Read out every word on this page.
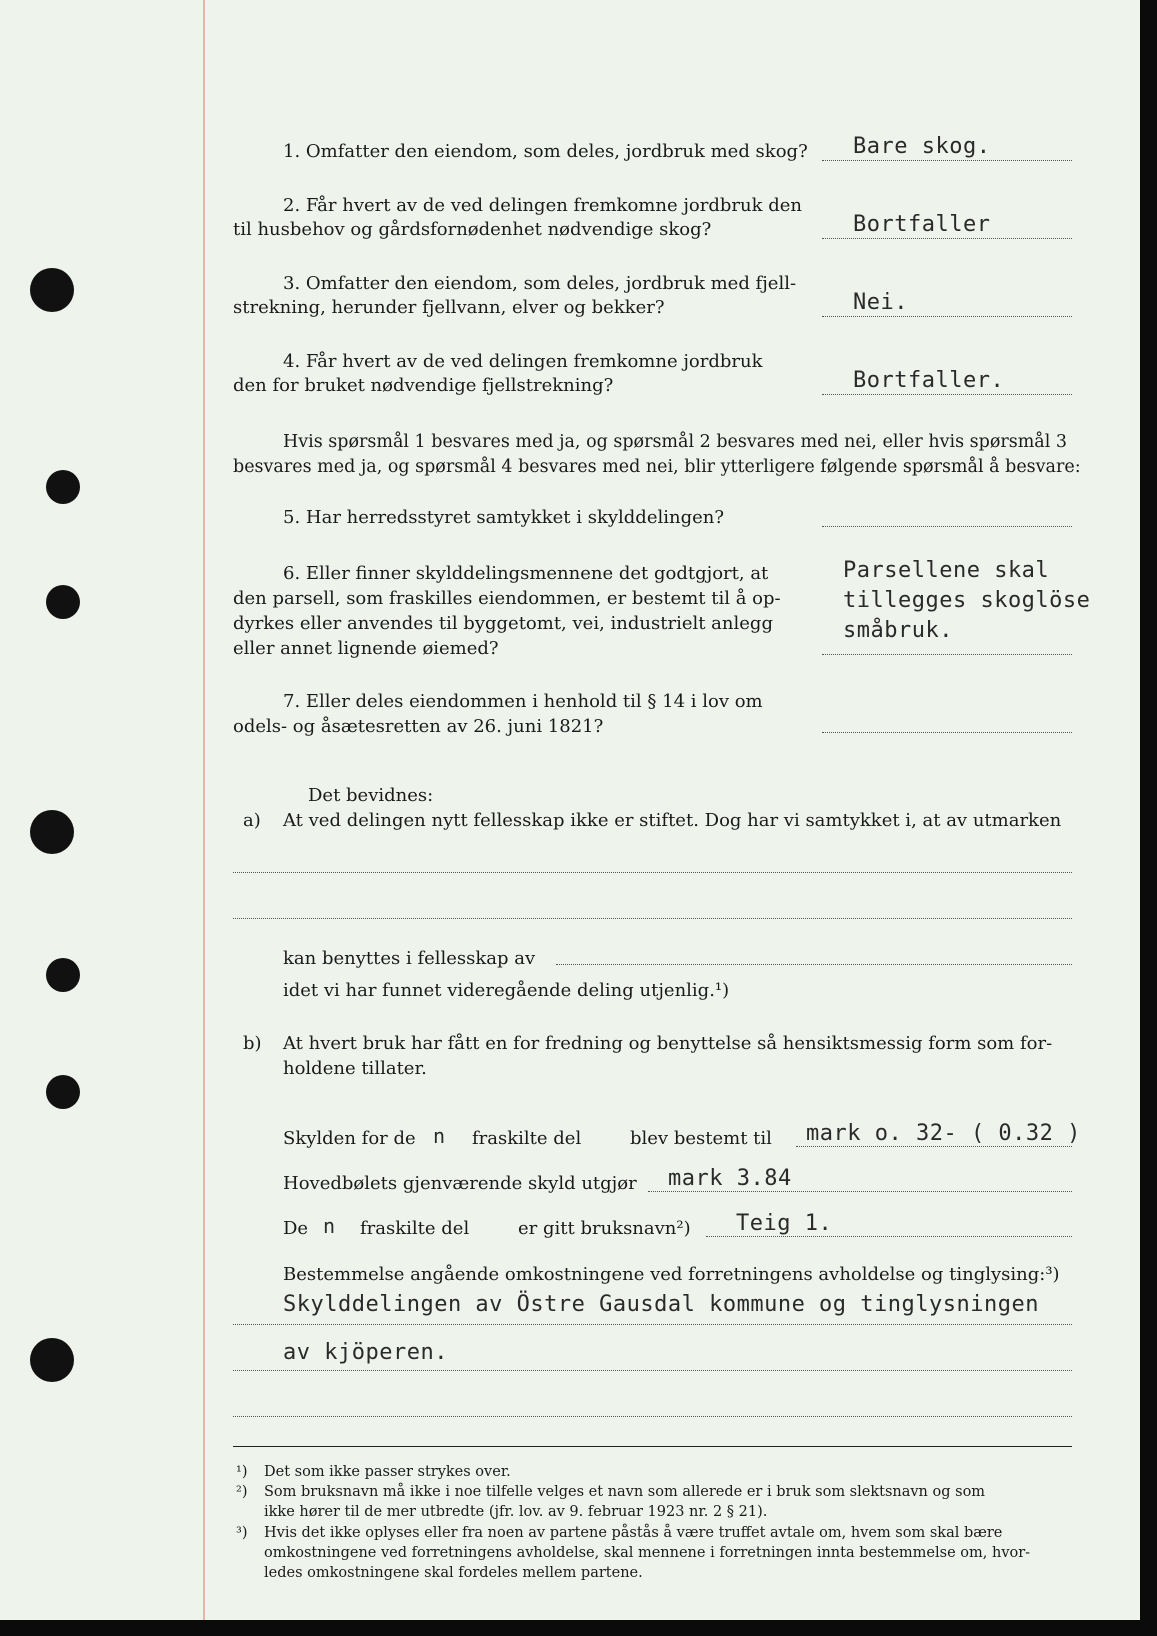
1. Omfatter den eiendom, som deles, jordbruk med skog? Bare skog.
2. Får hvert av de ved delingen fremkomne jordbruk den
til husbehov og gårdsfornødenhet nødvendige skog?	Bortfaller
3. Omfatter den eiendom, som deles, jordbruk med fjell-
strekning, herunder fjellvann, elver og bekker?	Nei.
4. Får hvert av de ved delingen fremkomne jordbruk
den for bruket nødvendige fjellstrekning?	Bortfaller.
Hvis spørsmål 1 besvares med ja, og spørsmål 2 besvares med nei, eller hvis spørsmål 3
besvares med ja, og spørsmål 4 besvares med nei, blir ytterligere følgende spørsmål å besvare:
5. Har herredsstyret samtykket i skylddelingen?
6. Eller finner skylddelingsmennene det godtgjort, at
den parsell, som fraskilles eiendommen, er bestemt til å op-
dyrkes eller anvendes til byggetomt, vei, industrielt anlegg
eller annet lignende øiemed?
Parsellene skal
tillegges skoglöse
småbruk.
7. Eller deles eiendommen i henhold til § 14 i lov om
odels- og åsætesretten av 26. juni 1821?
Det bevidnes:
a) At ved delingen nytt fellesskap ikke er stiftet. Dog har vi samtykket i, at av utmarken
kan benyttes i fellesskap av
idet vi har funnet videregående deling utjenlig.¹)
b) At hvert bruk har fått en for fredning og benyttelse så hensiktsmessig form som for-
holdene tillater.
Skylden for de n fraskilte del	blev bestemt til mark o. 32- ( 0.32 )
Hovedbølets gjenværende skyld utgjør mark 3.84
De n fraskilte del	er gitt bruksnavn²) Teig 1.
Bestemmelse angående omkostningene ved forretningens avholdelse og tinglysing:³)
Skylddelingen av Östre Gausdal kommune og tinglysningen
av kjöperen.
¹) Det som ikke passer strykes over.
²) Som bruksnavn må ikke i noe tilfelle velges et navn som allerede er i bruk som slektsnavn og som
ikke hører til de mer utbredte (jfr. lov. av 9. februar 1923 nr. 2 § 21).
³) Hvis det ikke oplyses eller fra noen av partene påstås å være truffet avtale om, hvem som skal bære
omkostningene ved forretningens avholdelse, skal mennene i forretningen innta bestemmelse om, hvor-
ledes omkostningene skal fordeles mellem partene.
